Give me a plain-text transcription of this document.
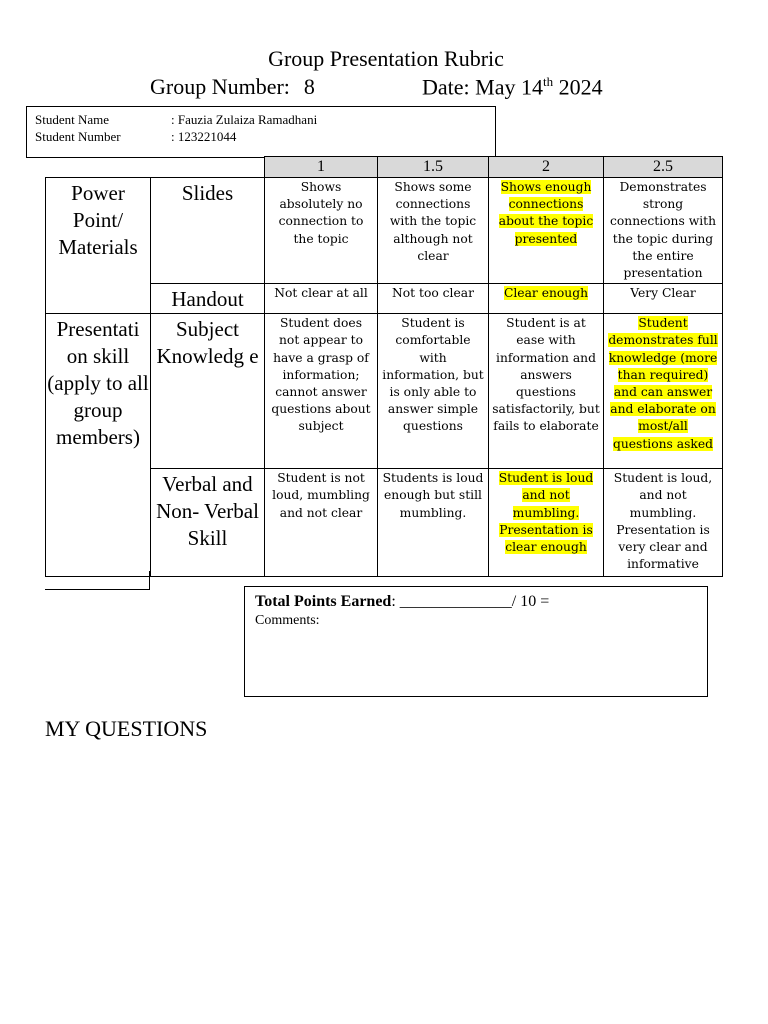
Group Presentation Rubric
Group Number: 8	Date: May 14th 2024
Student Name	: Fauzia Zulaiza Ramadhani
Student Number	: 123221044
		1	1.5	2	2.5
Power Point/ Materials	Slides	Shows absolutely no connection to the topic	Shows some connections with the topic although not clear	Shows enough connections about the topic presented	Demonstrates strong connections with the topic during the entire presentation
	Handout	Not clear at all	Not too clear	Clear enough	Very Clear
Presentati on skill (apply to all group members)	Subject Knowledg e	Student does not appear to have a grasp of information; cannot answer questions about subject	Student is comfortable with information, but is only able to answer simple questions	Student is at ease with information and answers questions satisfactorily, but fails to elaborate	Student demonstrates full knowledge (more than required) and can answer and elaborate on most/all questions asked
	Verbal and Non- Verbal Skill	Student is not loud, mumbling and not clear	Students is loud enough but still mumbling.	Student is loud and not mumbling. Presentation is clear enough	Student is loud, and not mumbling. Presentation is very clear and informative
Total Points Earned: ______________/ 10 =
Comments:
MY QUESTIONS
